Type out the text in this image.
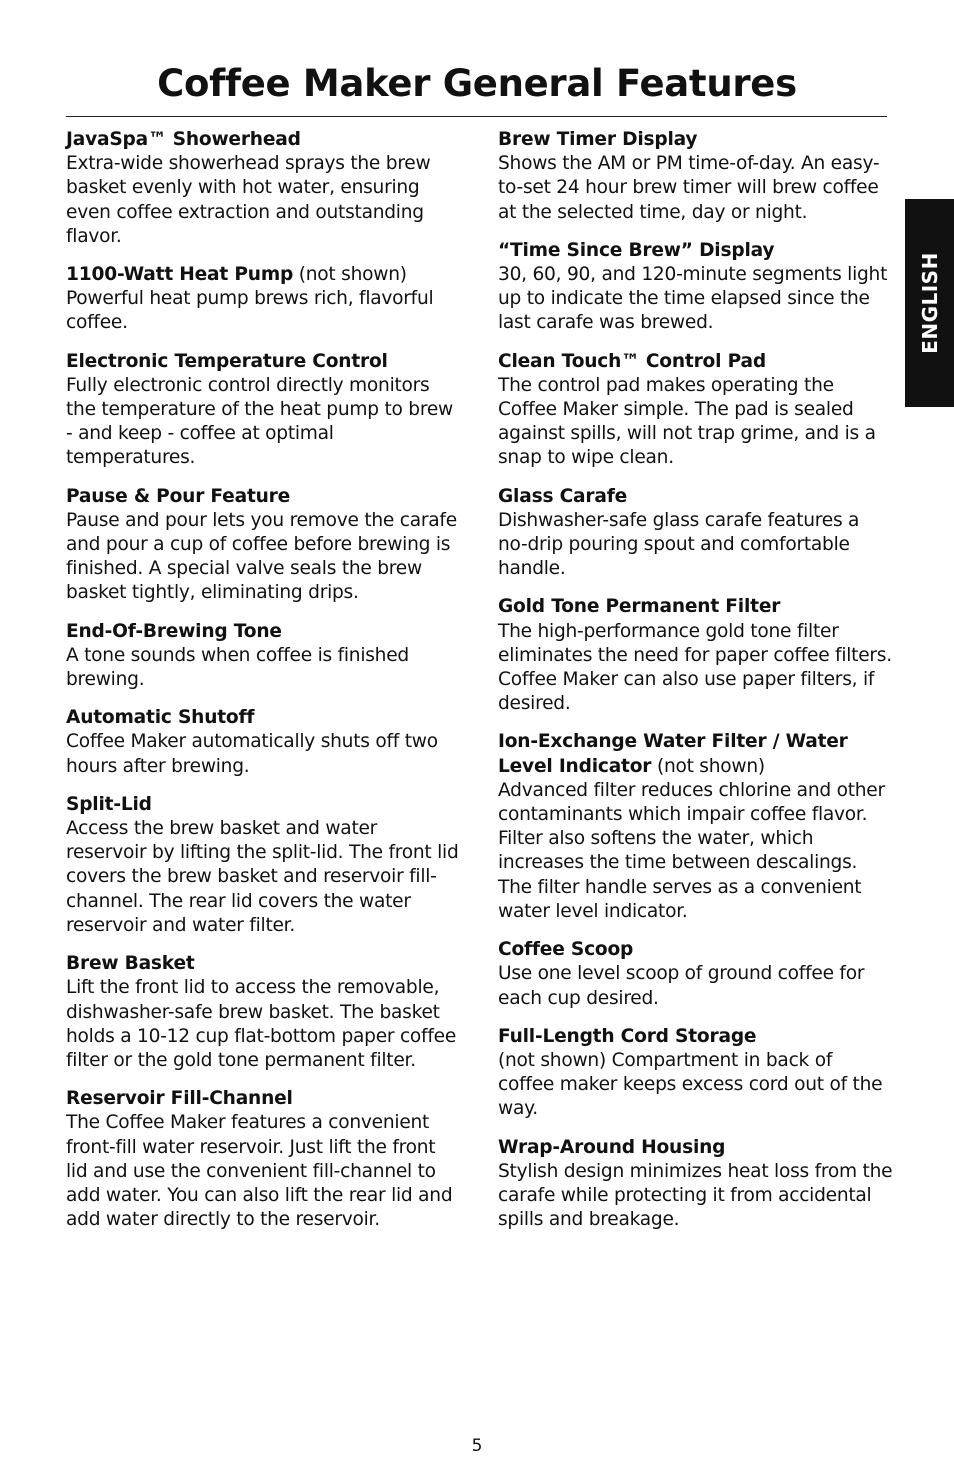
Coffee Maker General Features
JavaSpa™ Showerhead
Extra-wide showerhead sprays the brew basket evenly with hot water, ensuring even coffee extraction and outstanding flavor.
1100-Watt Heat Pump (not shown)
Powerful heat pump brews rich, flavorful coffee.
Electronic Temperature Control
Fully electronic control directly monitors the temperature of the heat pump to brew - and keep - coffee at optimal temperatures.
Pause & Pour Feature
Pause and pour lets you remove the carafe and pour a cup of coffee before brewing is finished. A special valve seals the brew basket tightly, eliminating drips.
End-Of-Brewing Tone
A tone sounds when coffee is finished brewing.
Automatic Shutoff
Coffee Maker automatically shuts off two hours after brewing.
Split-Lid
Access the brew basket and water reservoir by lifting the split-lid. The front lid covers the brew basket and reservoir fill-channel. The rear lid covers the water reservoir and water filter.
Brew Basket
Lift the front lid to access the removable, dishwasher-safe brew basket. The basket holds a 10-12 cup flat-bottom paper coffee filter or the gold tone permanent filter.
Reservoir Fill-Channel
The Coffee Maker features a convenient front-fill water reservoir. Just lift the front lid and use the convenient fill-channel to add water. You can also lift the rear lid and add water directly to the reservoir.
Brew Timer Display
Shows the AM or PM time-of-day. An easy-to-set 24 hour brew timer will brew coffee at the selected time, day or night.
“Time Since Brew” Display
30, 60, 90, and 120-minute segments light up to indicate the time elapsed since the last carafe was brewed.
Clean Touch™ Control Pad
The control pad makes operating the Coffee Maker simple. The pad is sealed against spills, will not trap grime, and is a snap to wipe clean.
Glass Carafe
Dishwasher-safe glass carafe features a no-drip pouring spout and comfortable handle.
Gold Tone Permanent Filter
The high-performance gold tone filter eliminates the need for paper coffee filters. Coffee Maker can also use paper filters, if desired.
Ion-Exchange Water Filter / Water Level Indicator (not shown)
Advanced filter reduces chlorine and other contaminants which impair coffee flavor. Filter also softens the water, which increases the time between descalings. The filter handle serves as a convenient water level indicator.
Coffee Scoop
Use one level scoop of ground coffee for each cup desired.
Full-Length Cord Storage
(not shown) Compartment in back of coffee maker keeps excess cord out of the way.
Wrap-Around Housing
Stylish design minimizes heat loss from the carafe while protecting it from accidental spills and breakage.
ENGLISH
5
